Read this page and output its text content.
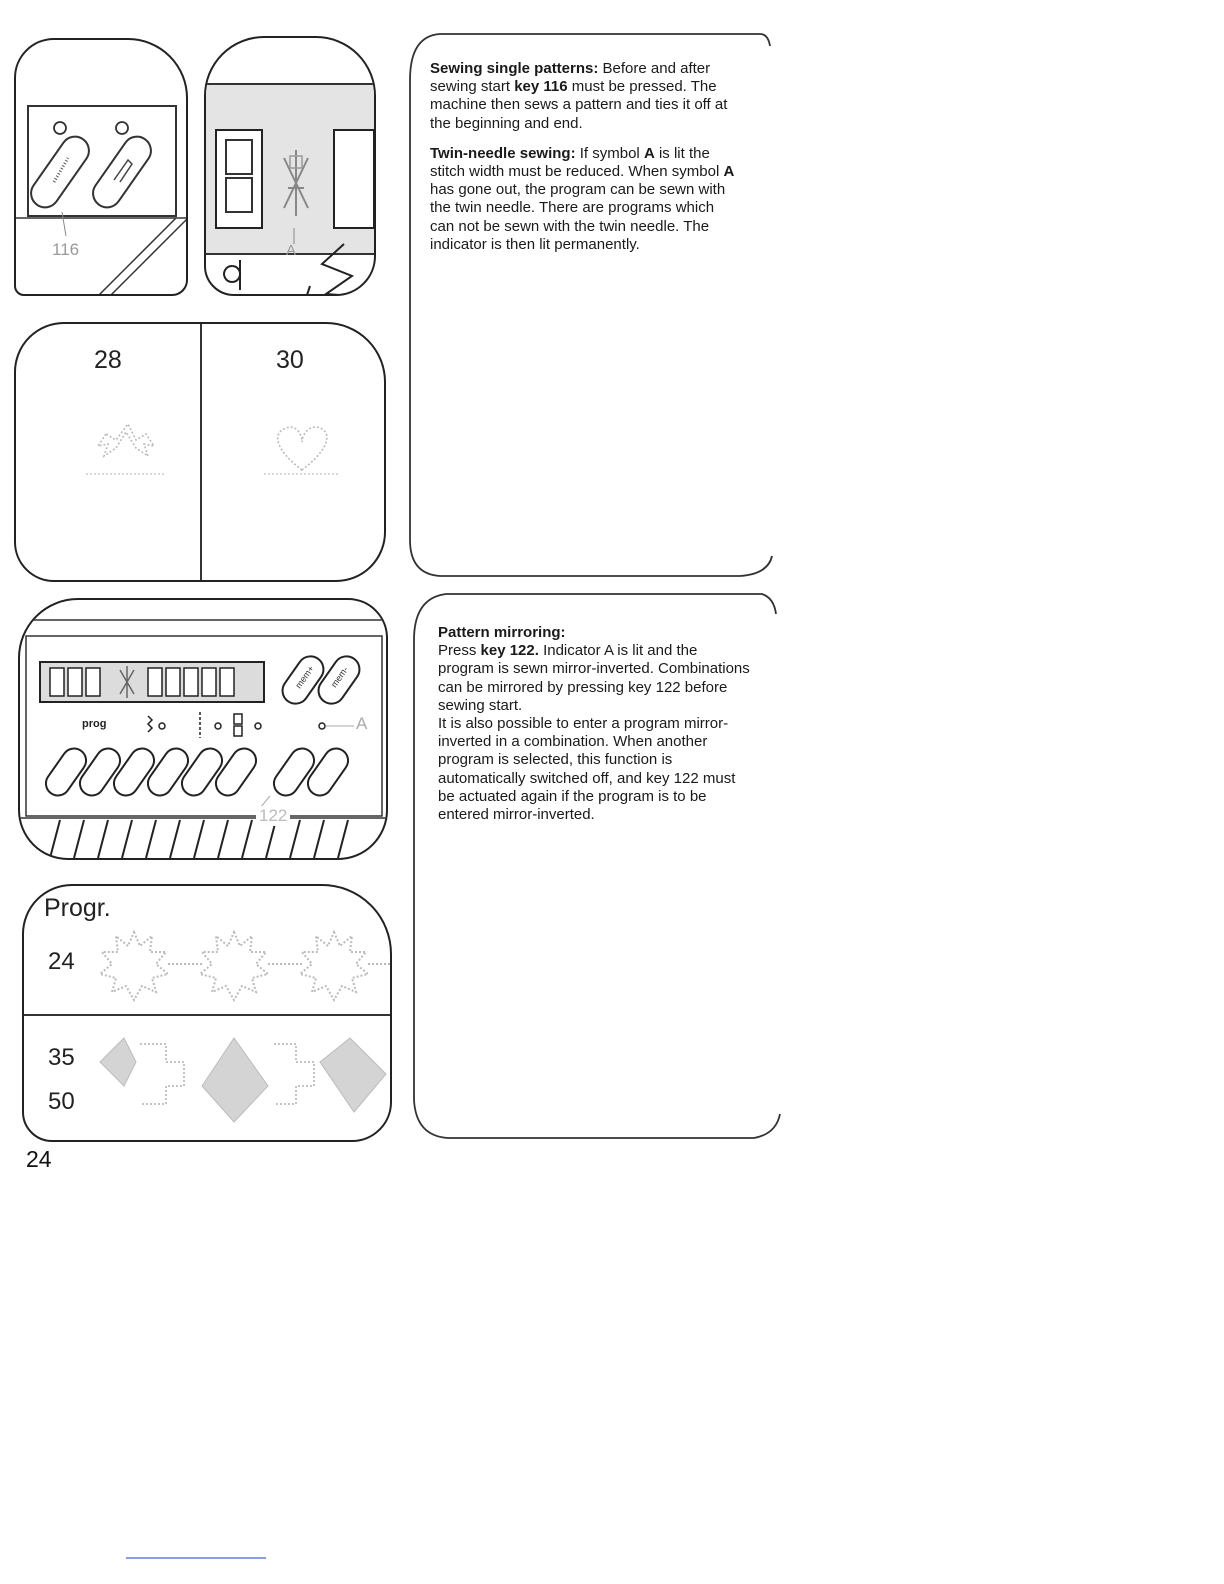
116	A
28	30
mem+ mem-
prog	A
122
Progr.
24
35
50
24

Sewing single patterns: Before and after sewing start key 116 must be pressed. The machine then sews a pattern and ties it off at the beginning and end.

Twin-needle sewing: If symbol A is lit the stitch width must be reduced. When symbol A has gone out, the program can be sewn with the twin needle. There are programs which can not be sewn with the twin needle. The indicator is then lit permanently.

Pattern mirroring:

Press key 122. Indicator A is lit and the program is sewn mirror-inverted. Combinations can be mirrored by pressing key 122 before sewing start.

It is also possible to enter a program mirror-inverted in a combination. When another program is selected, this function is automatically switched off, and key 122 must be actuated again if the program is to be entered mirror-inverted.
